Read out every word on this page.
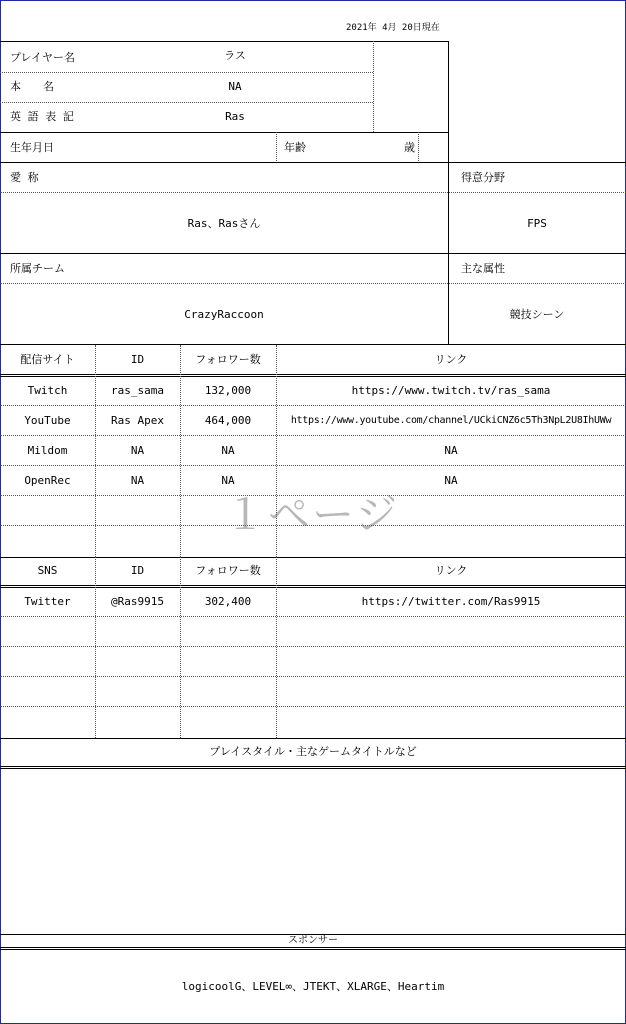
2021年 4月 20日現在
プレイヤー名	ラス
本　　名	NA
英 語 表 記	Ras
生年月日	年齢	歳
愛 称
Ras、Rasさん
得意分野
FPS
所属チーム
CrazyRaccoon
主な属性
競技シーン
プレイスタイル・主なゲームタイトルなど
スポンサー
logicoolG、LEVEL∞、JTEKT、XLARGE、Heartim
１ページ
配信サイト	ID	フォロワー数	リンク
Twitch	ras_sama	132,000	https://www.twitch.tv/ras_sama
YouTube	Ras Apex	464,000	https://www.youtube.com/channel/UCkiCNZ6c5Th3NpL2U8IhUWw
Mildom	NA	NA	NA
OpenRec	NA	NA	NA
SNS	ID	フォロワー数	リンク
Twitter	@Ras9915	302,400	https://twitter.com/Ras9915
